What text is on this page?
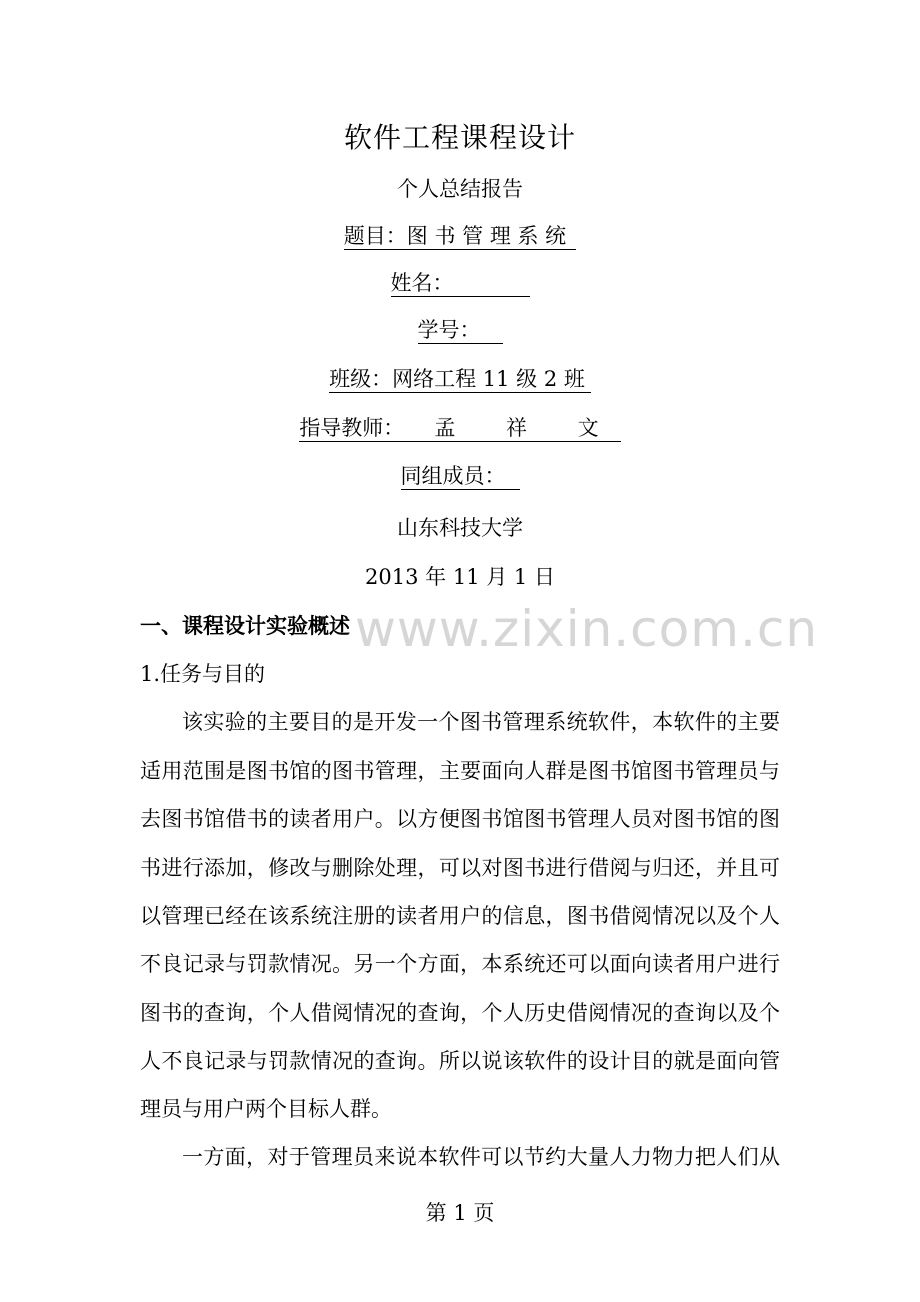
软件工程课程设计
个人总结报告
题目：图 书 管 理 系 统
姓名：
学号：
班级：网络工程 11 级 2 班
指导教师： 孟 祥 文
同组成员：
山东科技大学
2013 年 11 月 1 日
www.zixin.com.cn
一、课程设计实验概述
1.任务与目的
该实验的主要目的是开发一个图书管理系统软件，本软件的主要
适用范围是图书馆的图书管理，主要面向人群是图书馆图书管理员与
去图书馆借书的读者用户。以方便图书馆图书管理人员对图书馆的图
书进行添加，修改与删除处理，可以对图书进行借阅与归还，并且可
以管理已经在该系统注册的读者用户的信息，图书借阅情况以及个人
不良记录与罚款情况。另一个方面，本系统还可以面向读者用户进行
图书的查询，个人借阅情况的查询，个人历史借阅情况的查询以及个
人不良记录与罚款情况的查询。所以说该软件的设计目的就是面向管
理员与用户两个目标人群。
一方面，对于管理员来说本软件可以节约大量人力物力把人们从
第 1 页
